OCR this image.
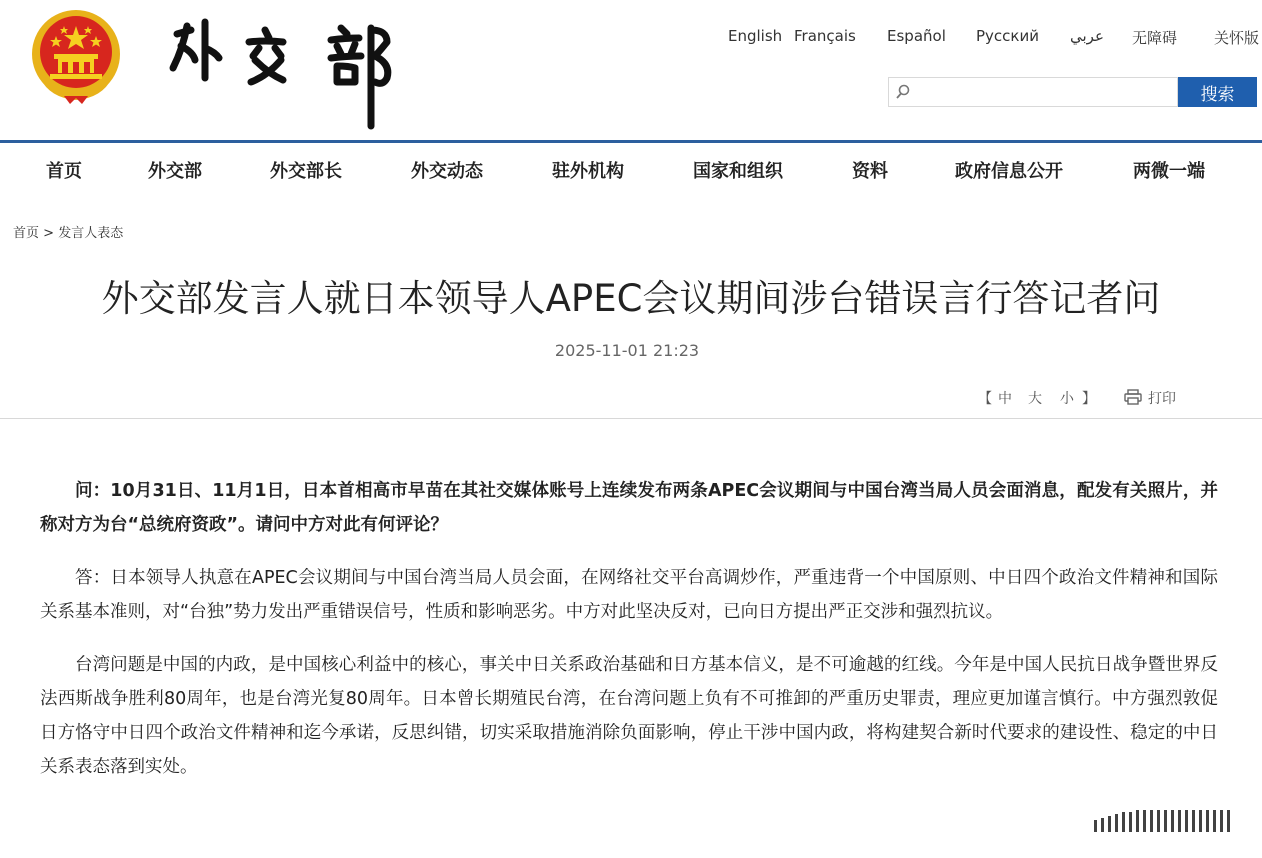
English Français Español Русский عربي 无障碍 关怀版
搜索
首页	外交部	外交部长	外交动态	驻外机构	国家和组织	资料	政府信息公开	两微一端
首页 > 发言人表态
外交部发言人就日本领导人APEC会议期间涉台错误言行答记者问
2025-11-01 21:23
【 中 大 小 】	打印
问：10月31日、11月1日，日本首相高市早苗在其社交媒体账号上连续发布两条APEC会议期间与中国台湾当局人员会面消息，配发有关照片，并称对方为台“总统府资政”。请问中方对此有何评论？
答：日本领导人执意在APEC会议期间与中国台湾当局人员会面，在网络社交平台高调炒作，严重违背一个中国原则、中日四个政治文件精神和国际关系基本准则，对“台独”势力发出严重错误信号，性质和影响恶劣。中方对此坚决反对，已向日方提出严正交涉和强烈抗议。
台湾问题是中国的内政，是中国核心利益中的核心，事关中日关系政治基础和日方基本信义，是不可逾越的红线。今年是中国人民抗日战争暨世界反法西斯战争胜利80周年，也是台湾光复80周年。日本曾长期殖民台湾，在台湾问题上负有不可推卸的严重历史罪责，理应更加谨言慎行。中方强烈敦促日方恪守中日四个政治文件精神和迄今承诺，反思纠错，切实采取措施消除负面影响，停止干涉中国内政，将构建契合新时代要求的建设性、稳定的中日关系表态落到实处。
